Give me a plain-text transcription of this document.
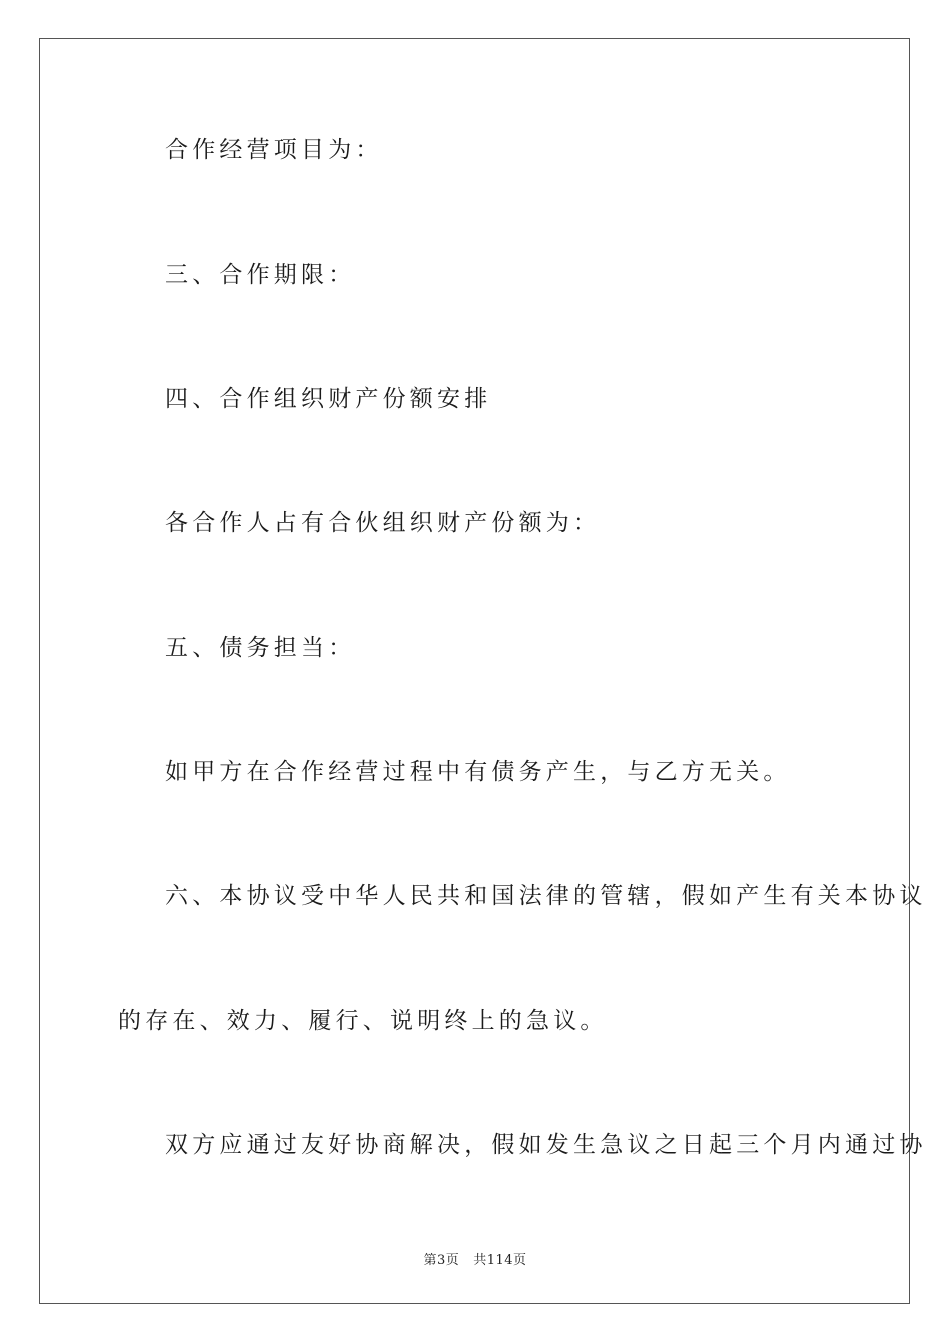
合作经营项目为：
三、合作期限：
四、合作组织财产份额安排
各合作人占有合伙组织财产份额为：
五、债务担当：
如甲方在合作经营过程中有债务产生，与乙方无关。
六、本协议受中华人民共和国法律的管辖，假如产生有关本协议
的存在、效力、履行、说明终上的急议。
双方应通过友好协商解决，假如发生急议之日起三个月内通过协
第3页 共114页
